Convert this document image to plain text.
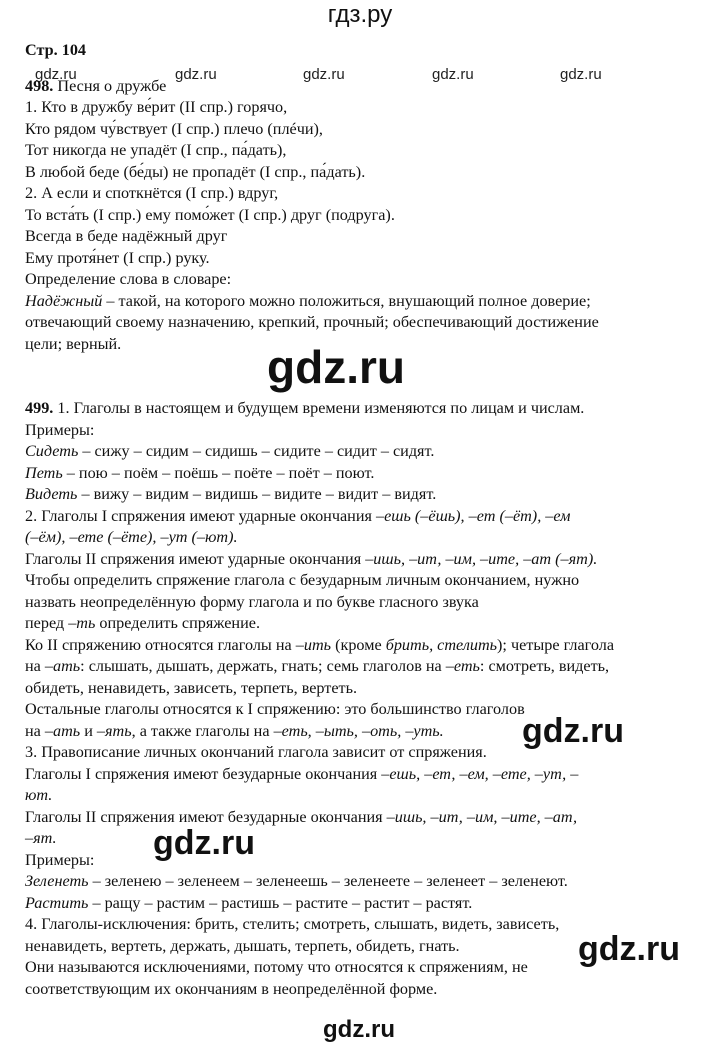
гдз.ру
gdz.ru	gdz.ru	gdz.ru	gdz.ru	gdz.ru

Стр. 104

498. Песня о дружбе

1. Кто в дружбу ве́рит (II спр.) горячо,

Кто рядом чу́вствует (I спр.) плечо (плéчи),

Тот никогда не упадёт (I спр., па́дать),

В любой беде (бе́ды) не пропадёт (I спр., па́дать).

2. А если и споткнётся (I спр.) вдруг,

То вста́ть (I спр.) ему помо́жет (I спр.) друг (подруга).

Всегда в беде надёжный друг

Ему протя́нет (I спр.) руку.

Определение слова в словаре:

Надёжный – такой, на которого можно положиться, внушающий полное доверие;

отвечающий своему назначению, крепкий, прочный; обеспечивающий достижение

цели; верный.

499. 1. Глаголы в настоящем и будущем времени изменяются по лицам и числам.

Примеры:

Сидеть – сижу – сидим – сидишь – сидите – сидит – сидят.

Петь – пою – поём – поёшь – поёте – поёт – поют.

Видеть – вижу – видим – видишь – видите – видит – видят.

2. Глаголы I спряжения имеют ударные окончания –ешь (–ёшь), –ет (–ёт), –ем

(–ём), –ете (–ёте), –ут (–ют).

Глаголы II спряжения имеют ударные окончания –ишь, –ит, –им, –ите, –ат (–ят).

Чтобы определить спряжение глагола с безударным личным окончанием, нужно

назвать неопределённую форму глагола и по букве гласного звука

перед –ть определить спряжение.

Ко II спряжению относятся глаголы на –ить (кроме брить, стелить); четыре глагола

на –ать: слышать, дышать, держать, гнать; семь глаголов на –еть: смотреть, видеть,

обидеть, ненавидеть, зависеть, терпеть, вертеть.

Остальные глаголы относятся к I спряжению: это большинство глаголов

на –ать и –ять, а также глаголы на –еть, –ыть, –оть, –уть.

3. Правописание личных окончаний глагола зависит от спряжения.

Глаголы I спряжения имеют безударные окончания –ешь, –ет, –ем, –ете, –ут, –

ют.

Глаголы II спряжения имеют безударные окончания –ишь, –ит, –им, –ите, –ат,

–ят.

Примеры:

Зеленеть – зеленею – зеленеем – зеленеешь – зеленеете – зеленеет – зеленеют.

Растить – ращу – растим – растишь – растите – растит – растят.

4. Глаголы-исключения: брить, стелить; смотреть, слышать, видеть, зависеть,

ненавидеть, вертеть, держать, дышать, терпеть, обидеть, гнать.

Они называются исключениями, потому что относятся к спряжениям, не

соответствующим их окончаниям в неопределённой форме.

gdz.ru
gdz.ru
gdz.ru
gdz.ru
gdz.ru
